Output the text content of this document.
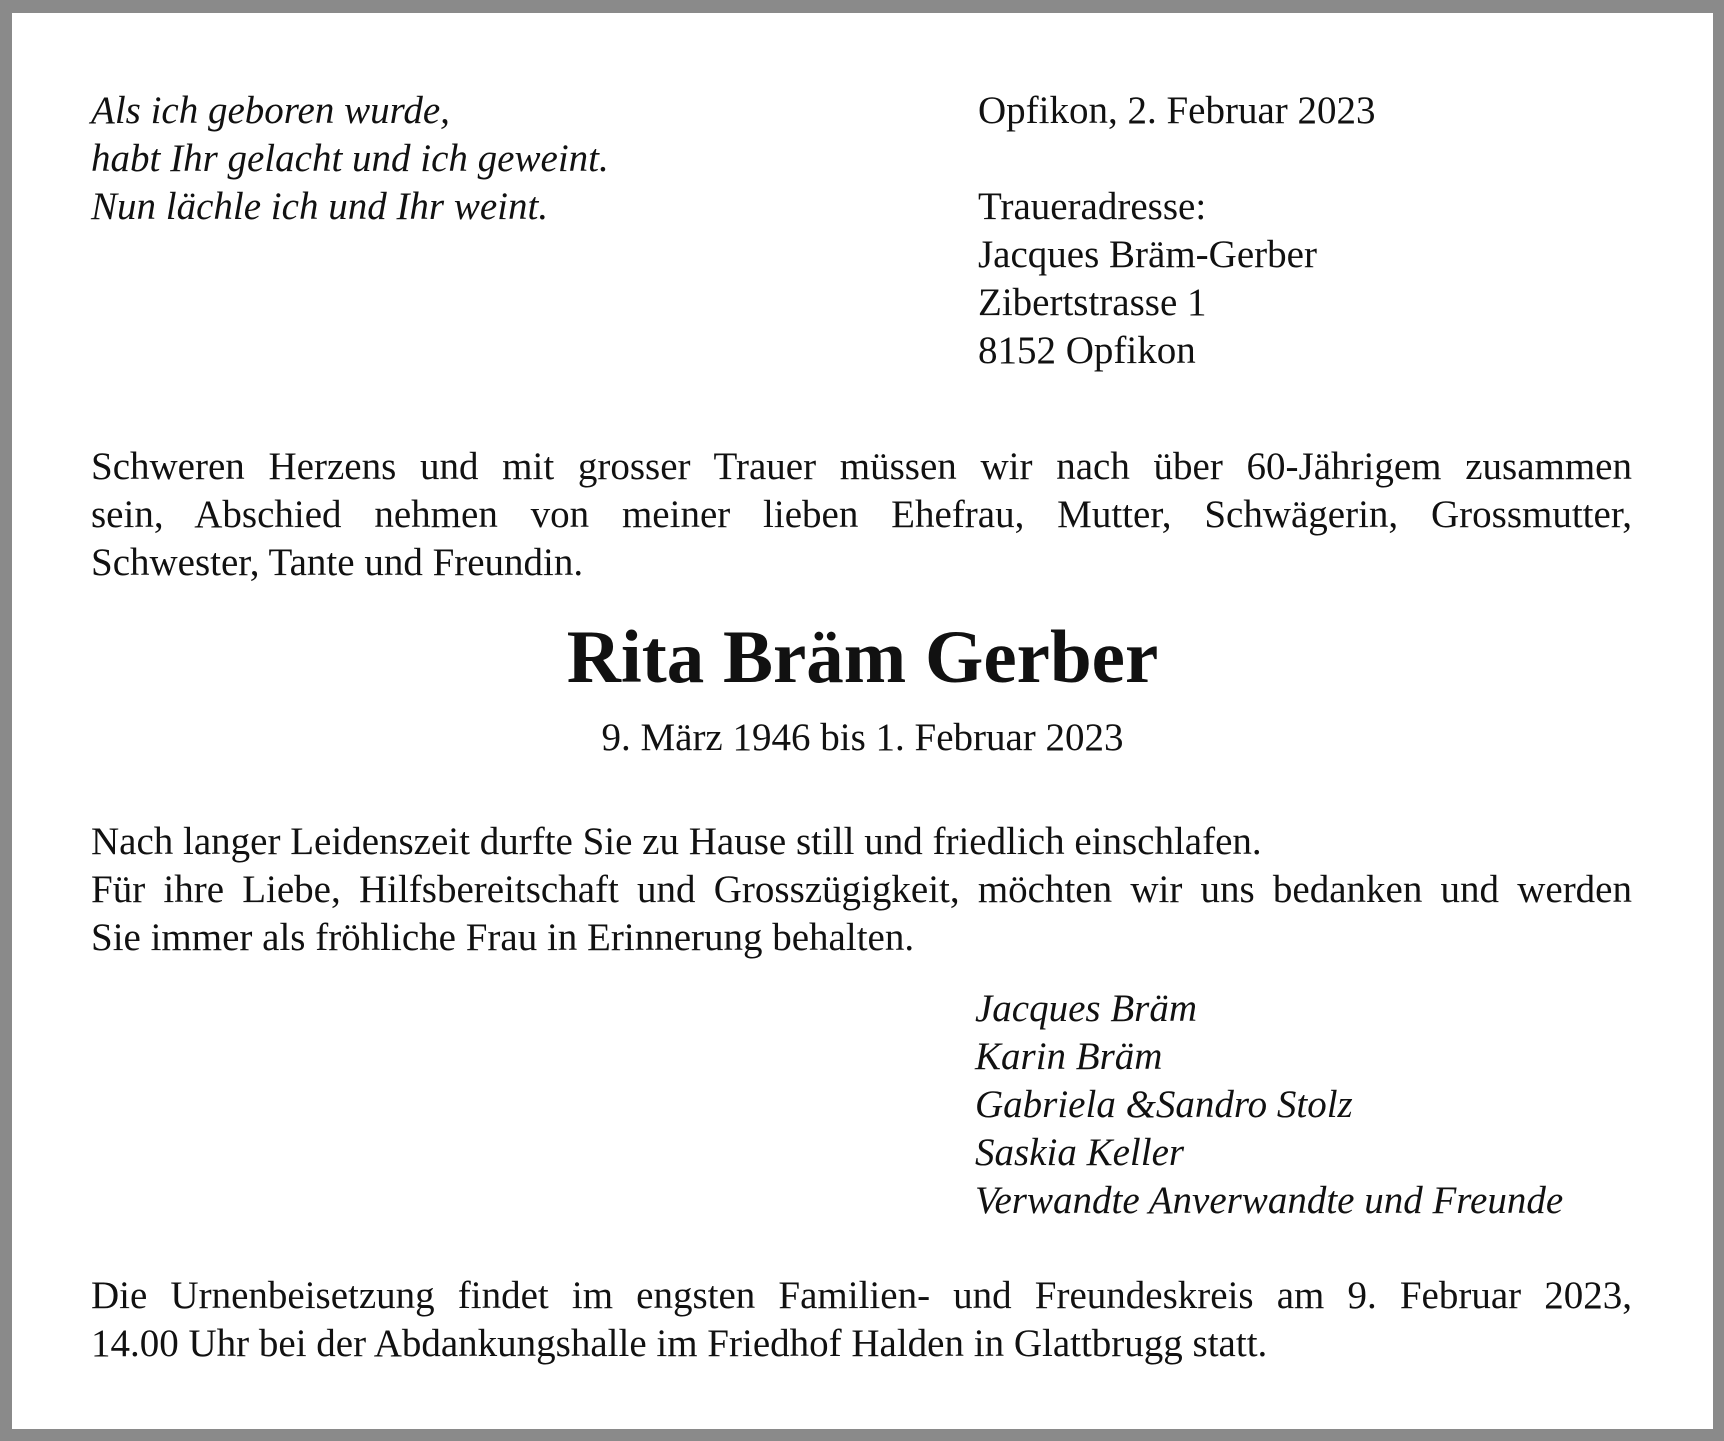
Als ich geboren wurde,
habt Ihr gelacht und ich geweint.
Nun lächle ich und Ihr weint.
Opfikon, 2. Februar 2023
Traueradresse:
Jacques Bräm-Gerber
Zibertstrasse 1
8152 Opfikon
Schweren Herzens und mit grosser Trauer müssen wir nach über 60-Jährigem zusammen
sein, Abschied nehmen von meiner lieben Ehefrau, Mutter, Schwägerin, Grossmutter,
Schwester, Tante und Freundin.
Rita Bräm Gerber
9. März 1946 bis 1. Februar 2023
Nach langer Leidenszeit durfte Sie zu Hause still und friedlich einschlafen.
Für ihre Liebe, Hilfsbereitschaft und Grosszügigkeit, möchten wir uns bedanken und werden
Sie immer als fröhliche Frau in Erinnerung behalten.
Jacques Bräm
Karin Bräm
Gabriela &Sandro Stolz
Saskia Keller
Verwandte Anverwandte und Freunde
Die Urnenbeisetzung findet im engsten Familien- und Freundeskreis am 9. Februar 2023,
14.00 Uhr bei der Abdankungshalle im Friedhof Halden in Glattbrugg statt.
